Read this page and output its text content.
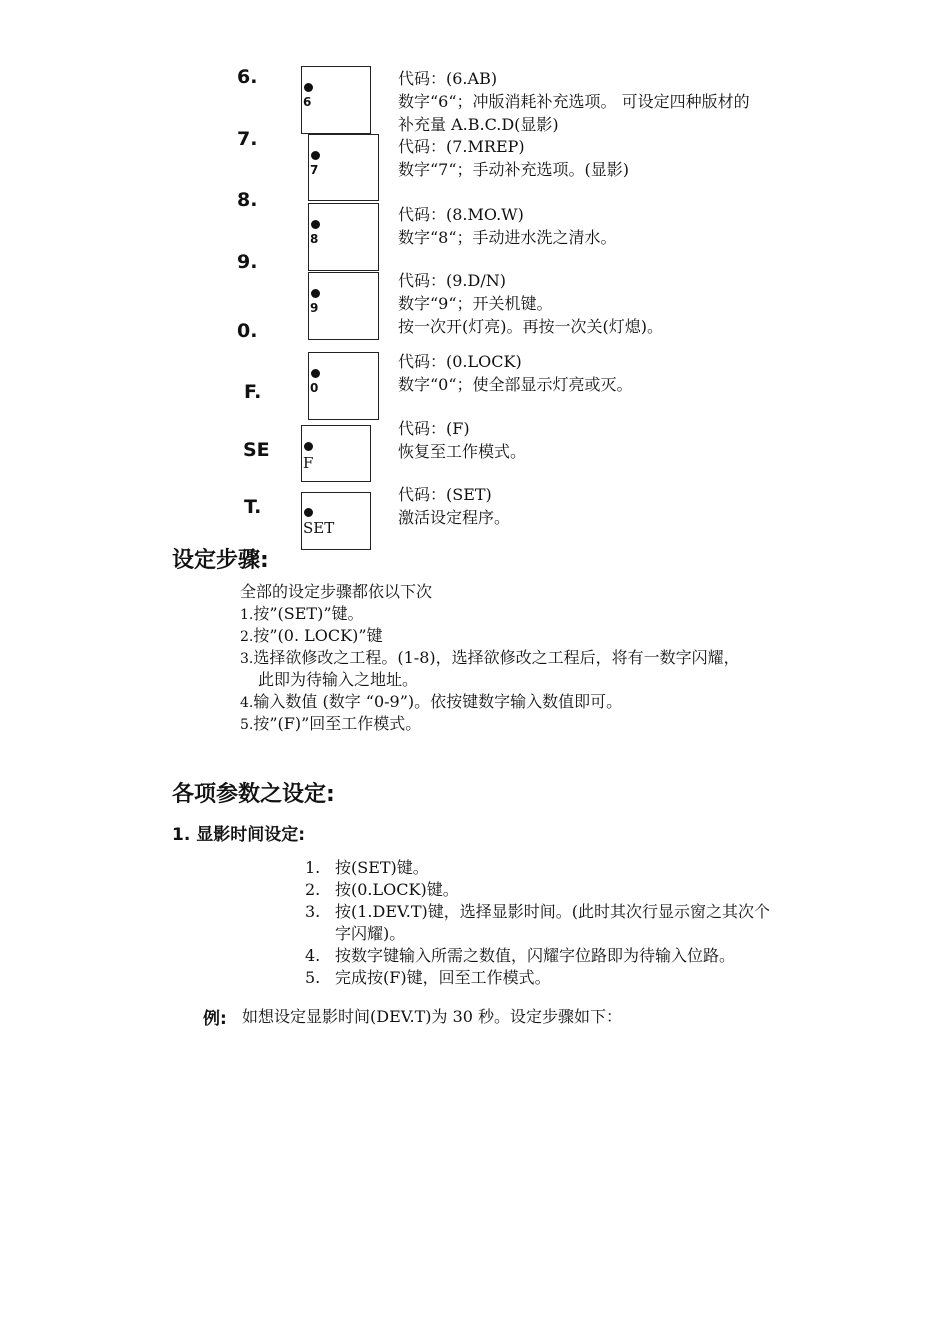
6.
7.
8.
9.
0.
F.
SE
T.
6
7
8
9
0
F
SET
代码：(6.AB)
数字“6“；冲版消耗补充选项。 可设定四种版材的
补充量 A.B.C.D(显影)
代码：(7.MREP)
数字“7“；手动补充选项。(显影)
代码：(8.MO.W)
数字“8“；手动进水洗之清水。
代码：(9.D/N)
数字“9“；开关机键。
按一次开(灯亮)。再按一次关(灯熄)。
代码：(0.LOCK)
数字“0“；使全部显示灯亮或灭。
代码：(F)
恢复至工作模式。
代码：(SET)
激活设定程序。
设定步骤:
全部的设定步骤都依以下次
1.按”(SET)”键。
2.按”(0. LOCK)”键
3.选择欲修改之工程。(1-8)，选择欲修改之工程后，将有一数字闪耀，
此即为待输入之地址。
4.输入数值 (数字 “0-9”)。依按键数字输入数值即可。
5.按”(F)”回至工作模式。
各项参数之设定:
1. 显影时间设定:
1. 按(SET)键。
2. 按(0.LOCK)键。
3. 按(1.DEV.T)键，选择显影时间。(此时其次行显示窗之其次个
字闪耀)。
4. 按数字键输入所需之数值，闪耀字位路即为待输入位路。
5. 完成按(F)键，回至工作模式。
例: 如想设定显影时间(DEV.T)为 30 秒。设定步骤如下：
